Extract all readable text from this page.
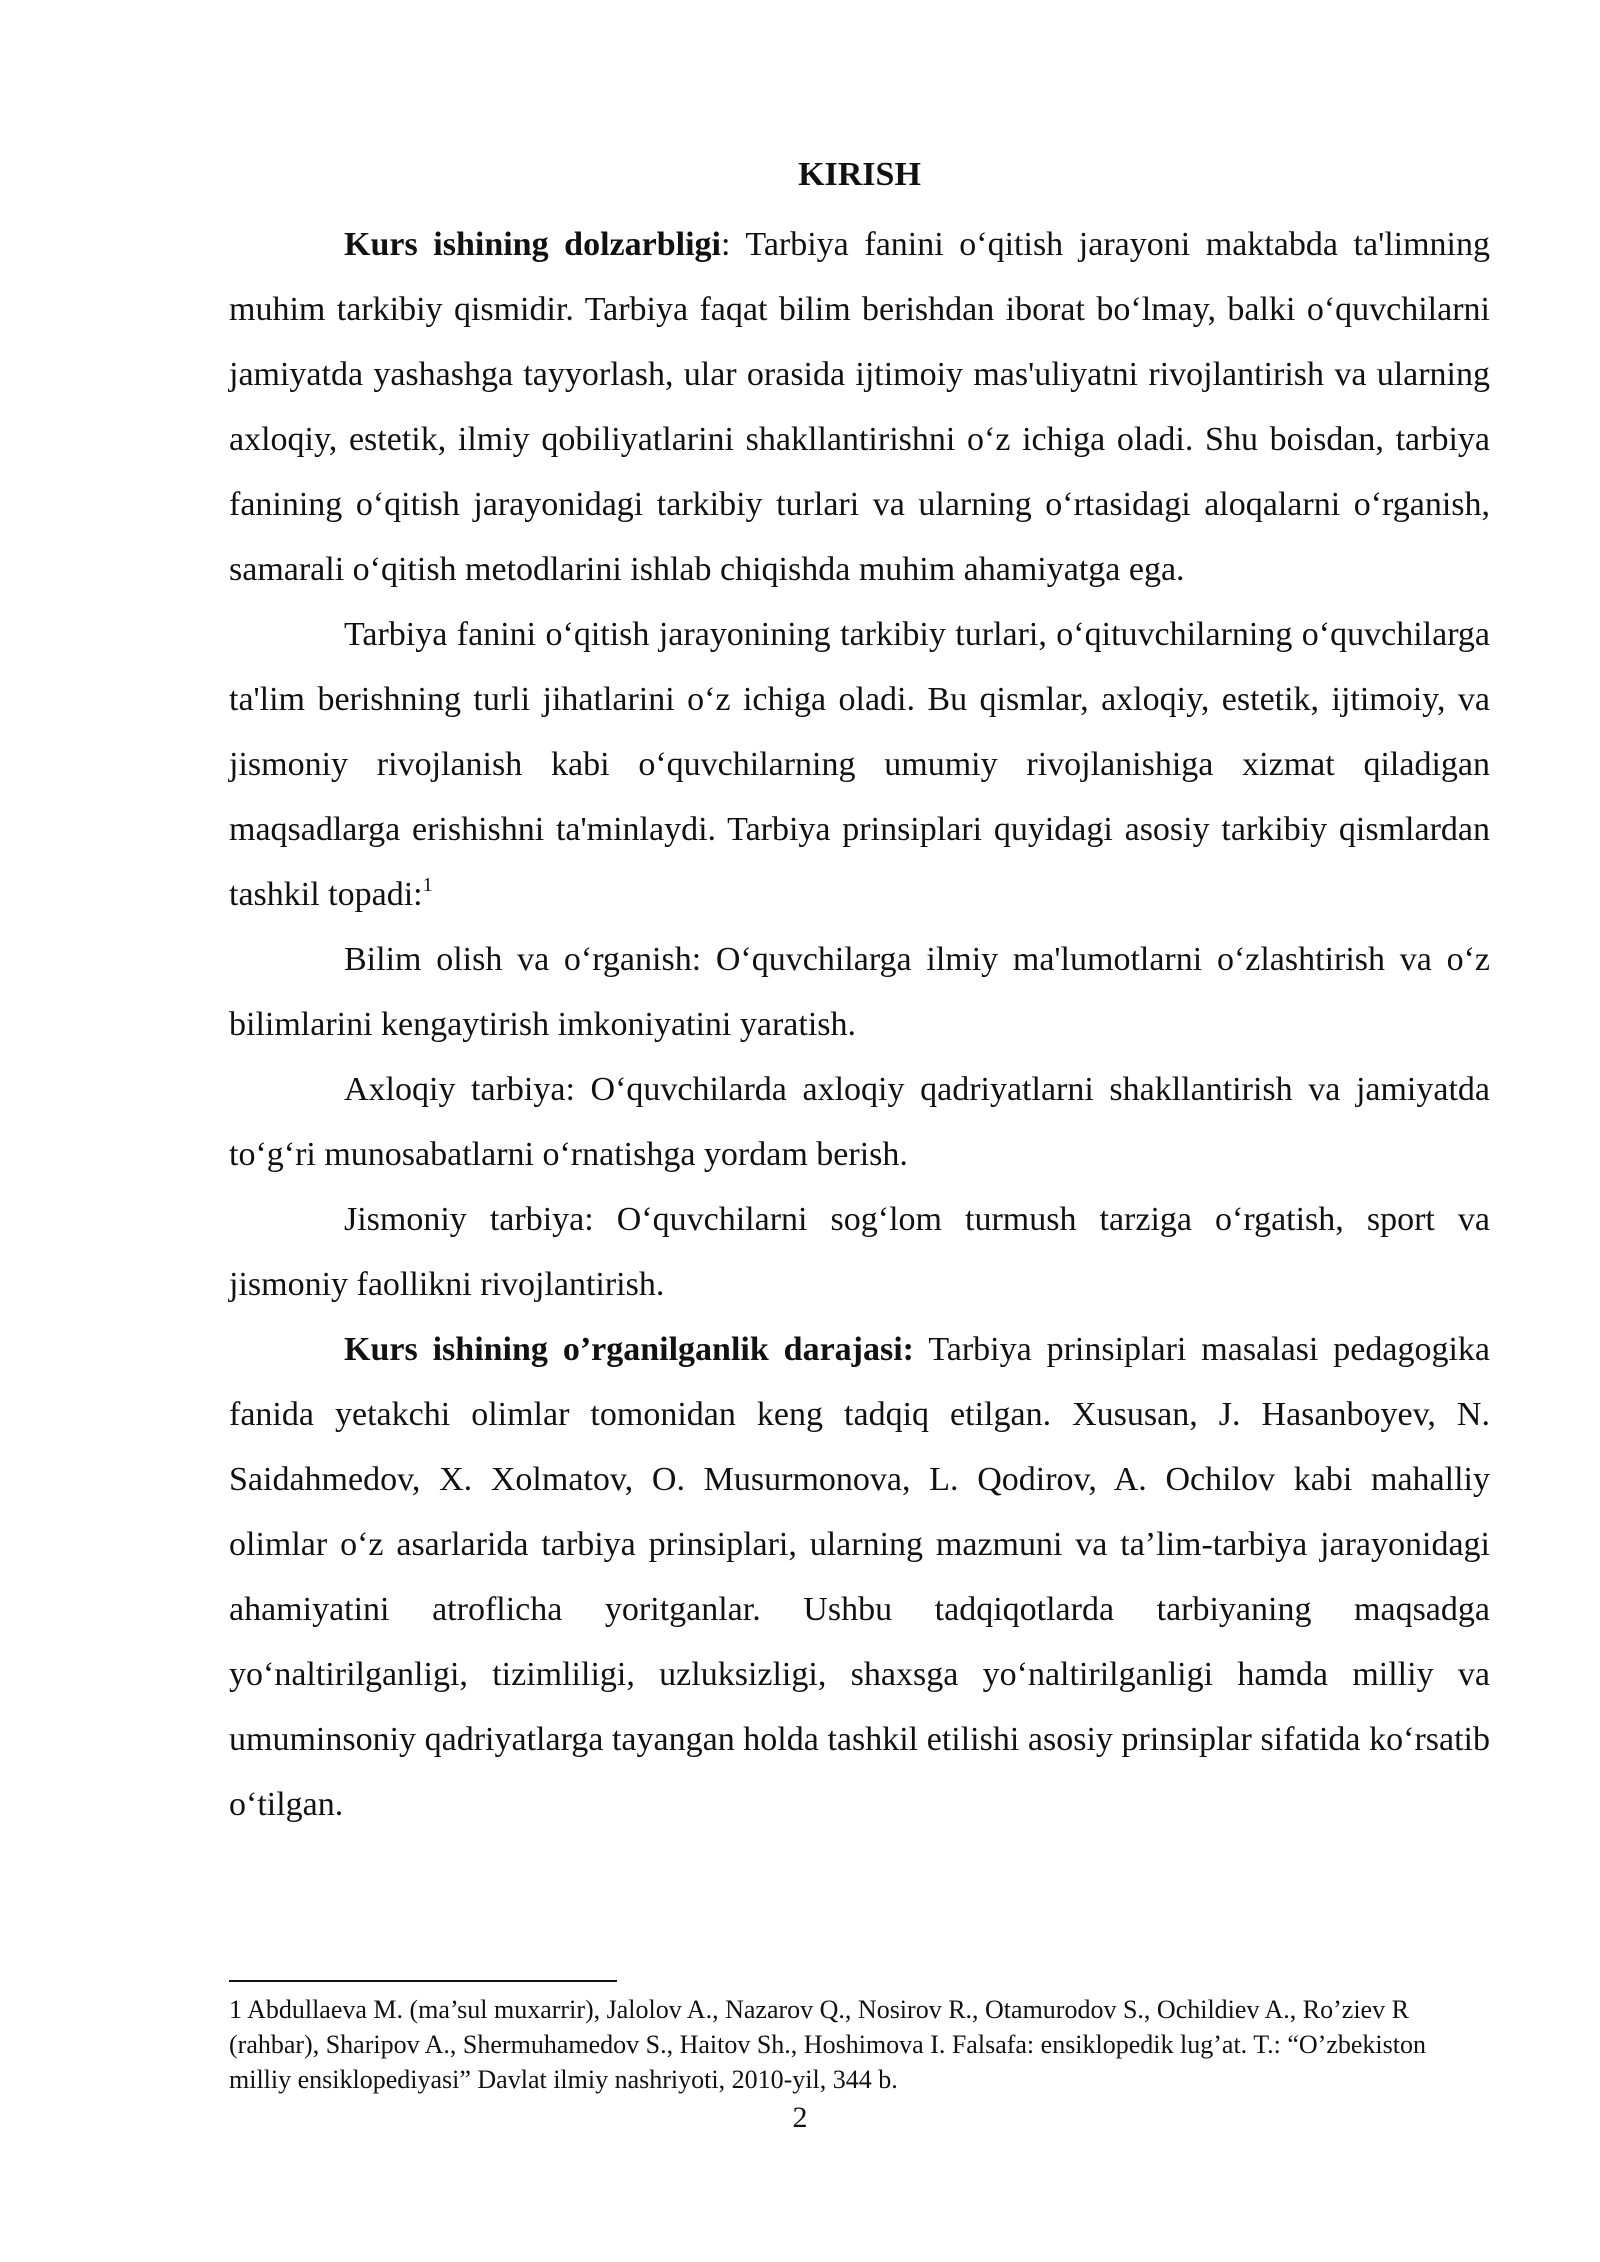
KIRISH

Kurs ishining dolzarbligi: Tarbiya fanini o‘qitish jarayoni maktabda ta'limning muhim tarkibiy qismidir. Tarbiya faqat bilim berishdan iborat bo‘lmay, balki o‘quvchilarni jamiyatda yashashga tayyorlash, ular orasida ijtimoiy mas'uliyatni rivojlantirish va ularning axloqiy, estetik, ilmiy qobiliyatlarini shakllantirishni o‘z ichiga oladi. Shu boisdan, tarbiya fanining o‘qitish jarayonidagi tarkibiy turlari va ularning o‘rtasidagi aloqalarni o‘rganish, samarali o‘qitish metodlarini ishlab chiqishda muhim ahamiyatga ega.

Tarbiya fanini o‘qitish jarayonining tarkibiy turlari, o‘qituvchilarning o‘quvchilarga ta'lim berishning turli jihatlarini o‘z ichiga oladi. Bu qismlar, axloqiy, estetik, ijtimoiy, va jismoniy rivojlanish kabi o‘quvchilarning umumiy rivojlanishiga xizmat qiladigan maqsadlarga erishishni ta'minlaydi. Tarbiya prinsiplari quyidagi asosiy tarkibiy qismlardan tashkil topadi:$^1$

Bilim olish va o‘rganish: O‘quvchilarga ilmiy ma'lumotlarni o‘zlashtirish va o‘z bilimlarini kengaytirish imkoniyatini yaratish.

Axloqiy tarbiya: O‘quvchilarda axloqiy qadriyatlarni shakllantirish va jamiyatda to‘g‘ri munosabatlarni o‘rnatishga yordam berish.

Jismoniy tarbiya: O‘quvchilarni sog‘lom turmush tarziga o‘rgatish, sport va jismoniy faollikni rivojlantirish.

Kurs ishining o’rganilganlik darajasi: Tarbiya prinsiplari masalasi pedagogika fanida yetakchi olimlar tomonidan keng tadqiq etilgan. Xususan, J. Hasanboyev, N. Saidahmedov, X. Xolmatov, O. Musurmonova, L. Qodirov, A. Ochilov kabi mahalliy olimlar o‘z asarlarida tarbiya prinsiplari, ularning mazmuni va ta’lim-tarbiya jarayonidagi ahamiyatini atroflicha yoritganlar. Ushbu tadqiqotlarda tarbiyaning maqsadga yo‘naltirilganligi, tizimliligi, uzluksizligi, shaxsga yo‘naltirilganligi hamda milliy va umuminsoniy qadriyatlarga tayangan holda tashkil etilishi asosiy prinsiplar sifatida ko‘rsatib o‘tilgan.

1 Abdullaeva M. (ma’sul muxarrir), Jalolov A., Nazarov Q., Nosirov R., Otamurodov S., Ochildiev A., Ro’ziev R (rahbar), Sharipov A., Shermuhamedov S., Haitov Sh., Hoshimova I. Falsafa: ensiklopedik lug’at. T.: “O’zbekiston milliy ensiklopediyasi” Davlat ilmiy nashriyoti, 2010-yil, 344 b.

2
